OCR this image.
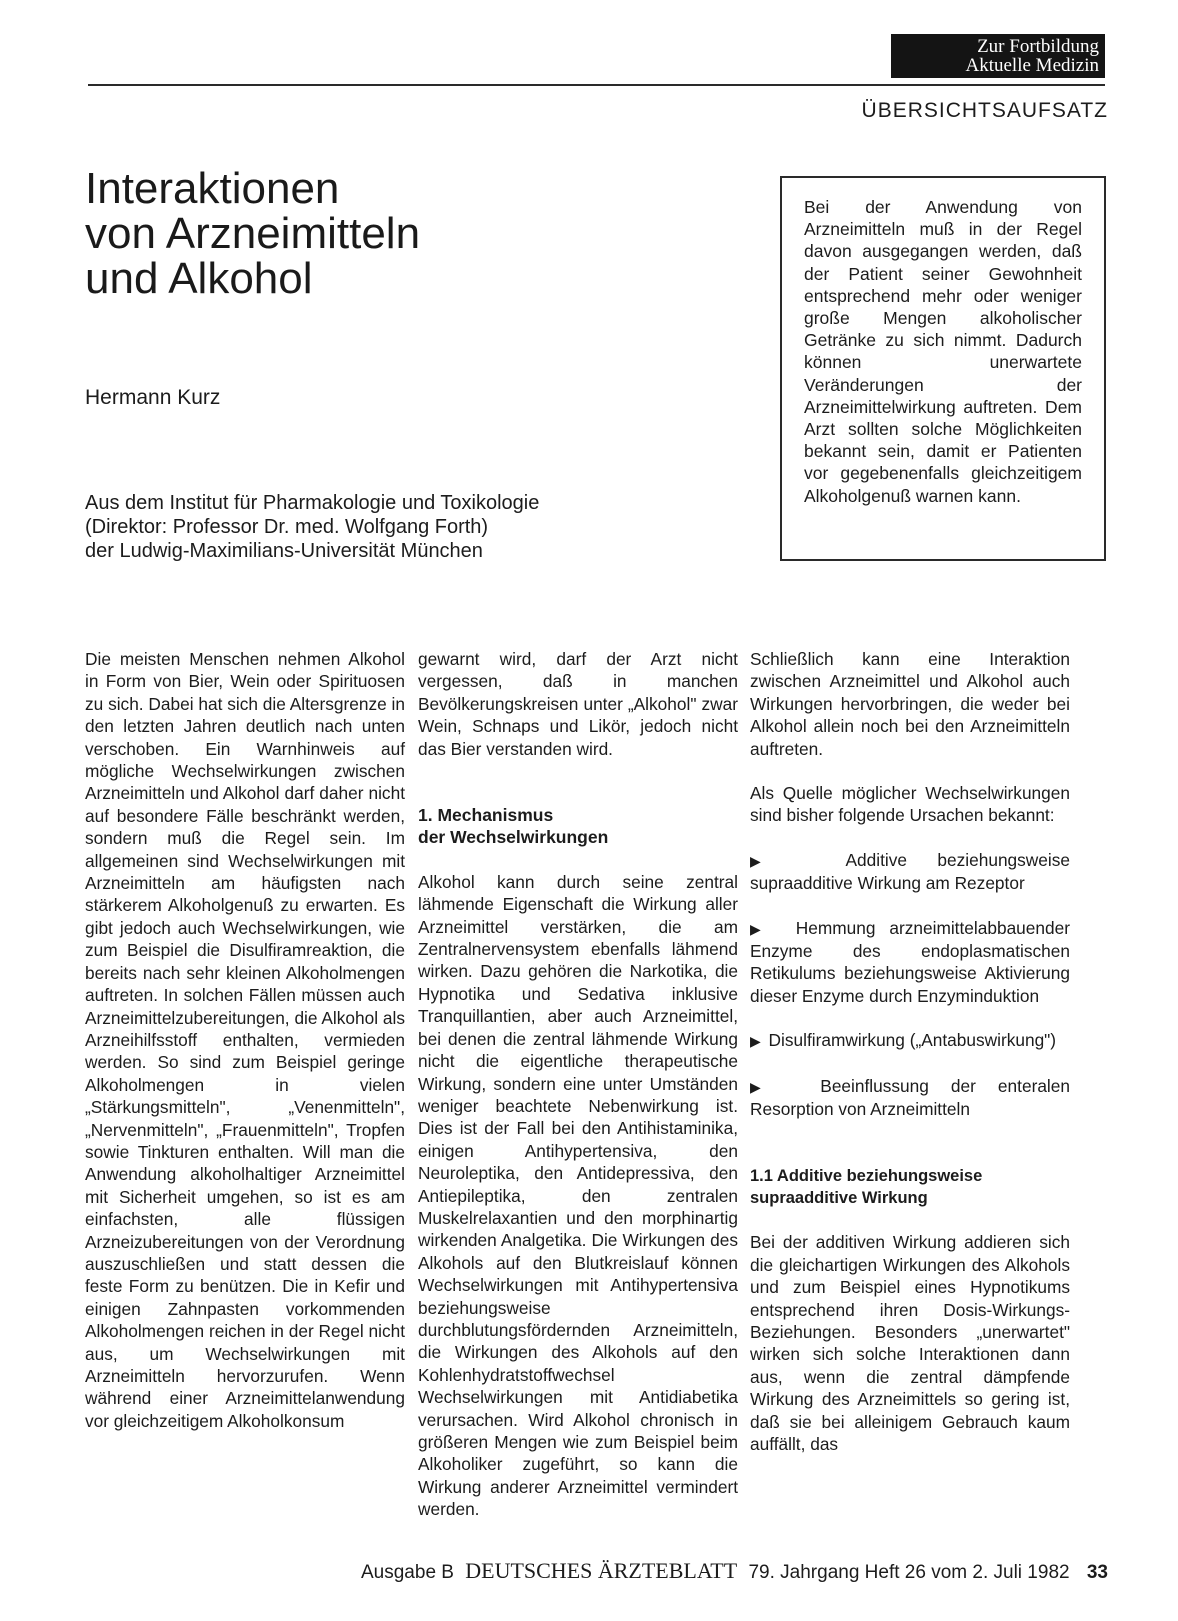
Zur Fortbildung
Aktuelle Medizin
ÜBERSICHTSAUFSATZ
Interaktionen
von Arzneimitteln
und Alkohol
Hermann Kurz
Aus dem Institut für Pharmakologie und Toxikologie
(Direktor: Professor Dr. med. Wolfgang Forth)
der Ludwig-Maximilians-Universität München

Bei der Anwendung von Arzneimitteln muß in der Regel davon ausgegangen werden, daß der Patient seiner Gewohnheit entsprechend mehr oder weniger große Mengen alkoholischer Getränke zu sich nimmt. Dadurch können unerwartete Veränderungen der Arzneimittelwirkung auftreten. Dem Arzt sollten solche Möglichkeiten bekannt sein, damit er Patienten vor gegebenenfalls gleichzeitigem Alkoholgenuß warnen kann.

Die meisten Menschen nehmen Alkohol in Form von Bier, Wein oder Spirituosen zu sich. Dabei hat sich die Altersgrenze in den letzten Jahren deutlich nach unten verschoben. Ein Warnhinweis auf mögliche Wechselwirkungen zwischen Arzneimitteln und Alkohol darf daher nicht auf besondere Fälle beschränkt werden, sondern muß die Regel sein. Im allgemeinen sind Wechselwirkungen mit Arzneimitteln am häufigsten nach stärkerem Alkoholgenuß zu erwarten. Es gibt jedoch auch Wechselwirkungen, wie zum Beispiel die Disulfiramreaktion, die bereits nach sehr kleinen Alkoholmengen auftreten. In solchen Fällen müssen auch Arzneimittelzubereitungen, die Alkohol als Arzneihilfsstoff enthalten, vermieden werden. So sind zum Beispiel geringe Alkoholmengen in vielen „Stärkungsmitteln", „Venenmitteln", „Nervenmitteln", „Frauenmitteln", Tropfen sowie Tinkturen enthalten. Will man die Anwendung alkoholhaltiger Arzneimittel mit Sicherheit umgehen, so ist es am einfachsten, alle flüssigen Arzneizubereitungen von der Verordnung auszuschließen und statt dessen die feste Form zu benützen. Die in Kefir und einigen Zahnpasten vorkommenden Alkoholmengen reichen in der Regel nicht aus, um Wechselwirkungen mit Arzneimitteln hervorzurufen. Wenn während einer Arzneimittelanwendung vor gleichzeitigem Alkoholkonsum

gewarnt wird, darf der Arzt nicht vergessen, daß in manchen Bevölkerungskreisen unter „Alkohol" zwar Wein, Schnaps und Likör, jedoch nicht das Bier verstanden wird.

1. Mechanismus
der Wechselwirkungen

Alkohol kann durch seine zentral lähmende Eigenschaft die Wirkung aller Arzneimittel verstärken, die am Zentralnervensystem ebenfalls lähmend wirken. Dazu gehören die Narkotika, die Hypnotika und Sedativa inklusive Tranquillantien, aber auch Arzneimittel, bei denen die zentral lähmende Wirkung nicht die eigentliche therapeutische Wirkung, sondern eine unter Umständen weniger beachtete Nebenwirkung ist. Dies ist der Fall bei den Antihistaminika, einigen Antihypertensiva, den Neuroleptika, den Antidepressiva, den Antiepileptika, den zentralen Muskelrelaxantien und den morphinartig wirkenden Analgetika. Die Wirkungen des Alkohols auf den Blutkreislauf können Wechselwirkungen mit Antihypertensiva beziehungsweise durchblutungsfördernden Arzneimitteln, die Wirkungen des Alkohols auf den Kohlenhydratstoffwechsel Wechselwirkungen mit Antidiabetika verursachen. Wird Alkohol chronisch in größeren Mengen wie zum Beispiel beim Alkoholiker zugeführt, so kann die Wirkung anderer Arzneimittel vermindert werden.

Schließlich kann eine Interaktion zwischen Arzneimittel und Alkohol auch Wirkungen hervorbringen, die weder bei Alkohol allein noch bei den Arzneimitteln auftreten.

Als Quelle möglicher Wechselwirkungen sind bisher folgende Ursachen bekannt:

▶  Additive beziehungsweise supraadditive Wirkung am Rezeptor

▶  Hemmung arzneimittelabbauender Enzyme des endoplasmatischen Retikulums beziehungsweise Aktivierung dieser Enzyme durch Enzyminduktion

▶  Disulfiramwirkung („Antabuswirkung")

▶  Beeinflussung der enteralen Resorption von Arzneimitteln

1.1 Additive beziehungsweise
supraadditive Wirkung

Bei der additiven Wirkung addieren sich die gleichartigen Wirkungen des Alkohols und zum Beispiel eines Hypnotikums entsprechend ihren Dosis-Wirkungs-Beziehungen. Besonders „unerwartet" wirken sich solche Interaktionen dann aus, wenn die zentral dämpfende Wirkung des Arzneimittels so gering ist, daß sie bei alleinigem Gebrauch kaum auffällt, das

Ausgabe B DEUTSCHES ÄRZTEBLATT 79. Jahrgang Heft 26 vom 2. Juli 1982 33
